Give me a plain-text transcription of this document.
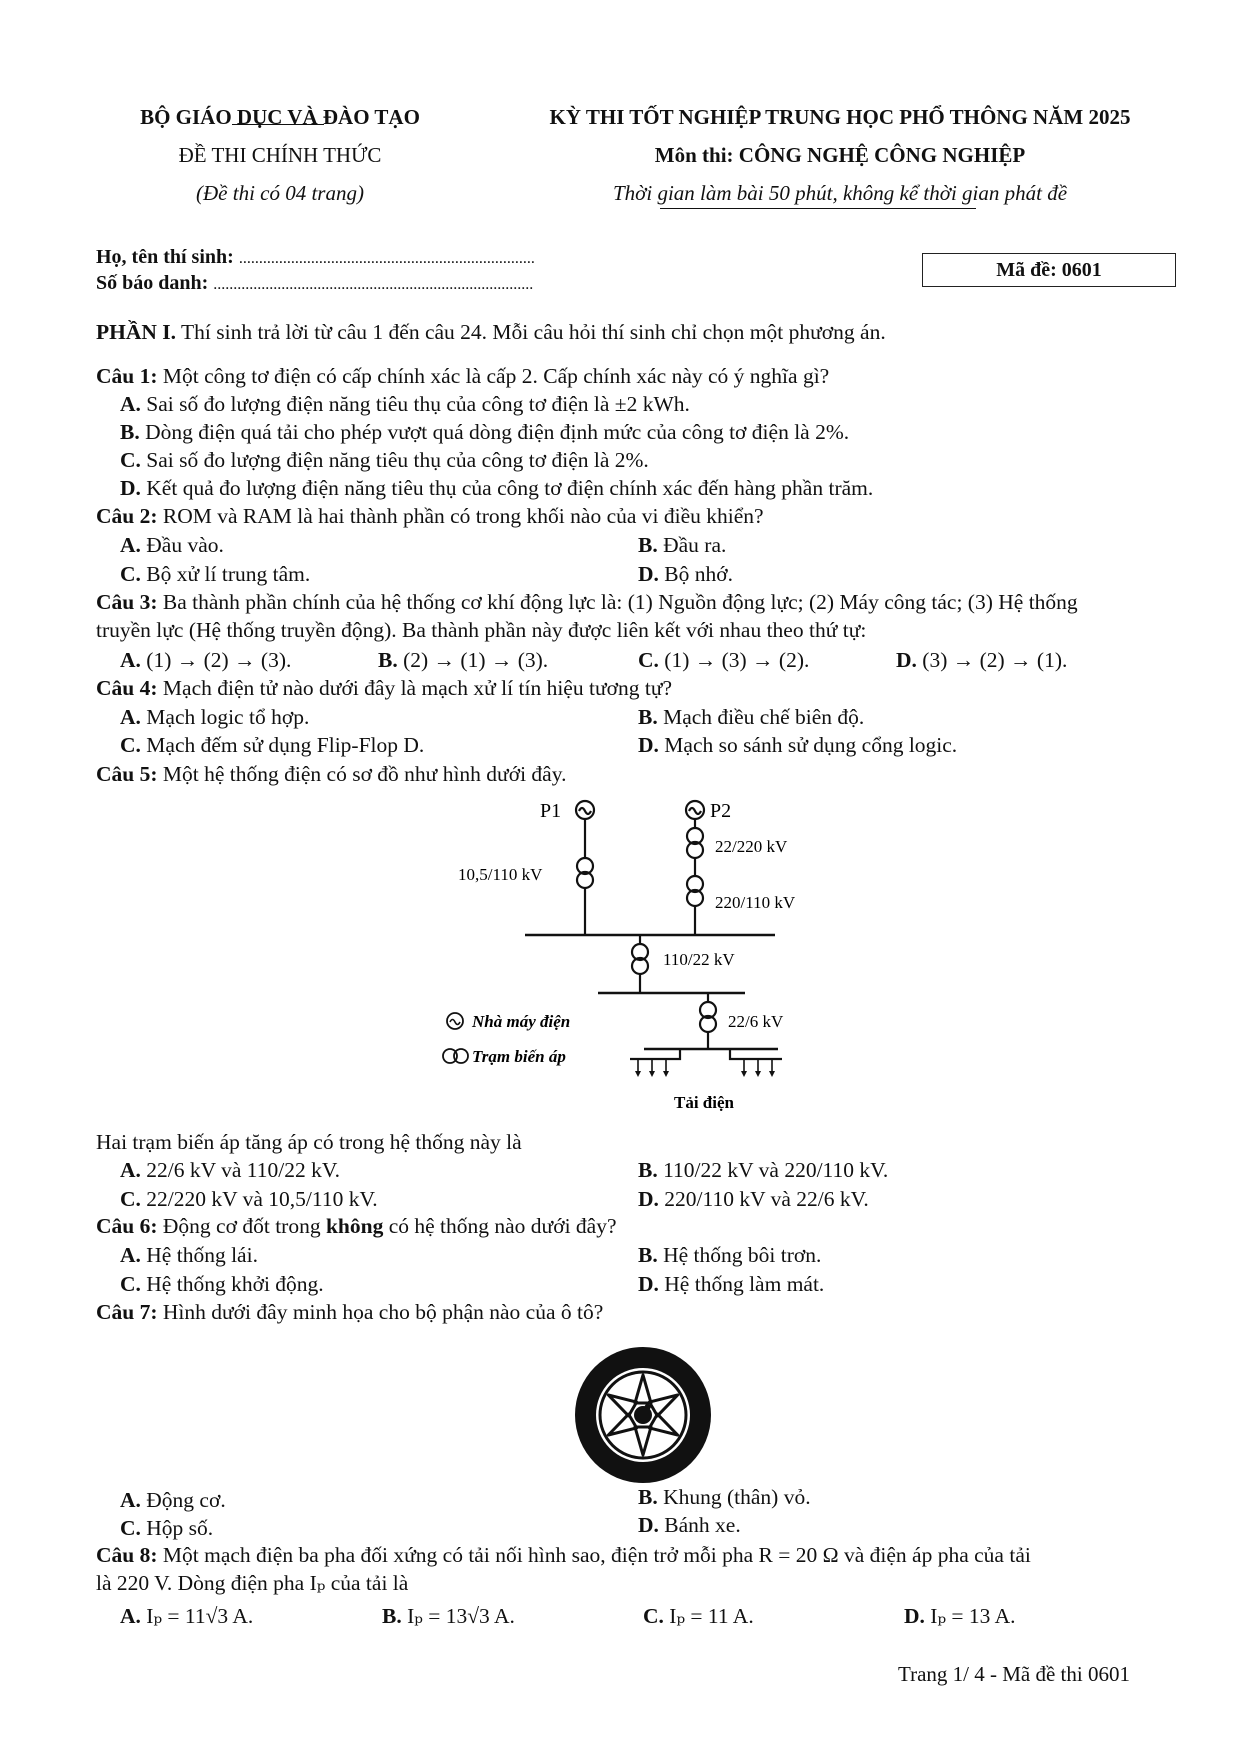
BỘ GIÁO DỤC VÀ ĐÀO TẠO
ĐỀ THI CHÍNH THỨC
(Đề thi có 04 trang)
KỲ THI TỐT NGHIỆP TRUNG HỌC PHỔ THÔNG NĂM 2025
Môn thi: CÔNG NGHỆ CÔNG NGHIỆP
Thời gian làm bài 50 phút, không kể thời gian phát đề
Họ, tên thí sinh: ..........................................................................
Số báo danh: ................................................................................
Mã đề: 0601
PHẦN I. Thí sinh trả lời từ câu 1 đến câu 24. Mỗi câu hỏi thí sinh chỉ chọn một phương án.
Câu 1: Một công tơ điện có cấp chính xác là cấp 2. Cấp chính xác này có ý nghĩa gì?
A. Sai số đo lượng điện năng tiêu thụ của công tơ điện là ±2 kWh.
B. Dòng điện quá tải cho phép vượt quá dòng điện định mức của công tơ điện là 2%.
C. Sai số đo lượng điện năng tiêu thụ của công tơ điện là 2%.
D. Kết quả đo lượng điện năng tiêu thụ của công tơ điện chính xác đến hàng phần trăm.
Câu 2: ROM và RAM là hai thành phần có trong khối nào của vi điều khiển?
A. Đầu vào.	B. Đầu ra.
C. Bộ xử lí trung tâm.	D. Bộ nhớ.
Câu 3: Ba thành phần chính của hệ thống cơ khí động lực là: (1) Nguồn động lực; (2) Máy công tác; (3) Hệ thống
truyền lực (Hệ thống truyền động). Ba thành phần này được liên kết với nhau theo thứ tự:
A. (1) → (2) → (3).	B. (2) → (1) → (3).	C. (1) → (3) → (2).	D. (3) → (2) → (1).
Câu 4: Mạch điện tử nào dưới đây là mạch xử lí tín hiệu tương tự?
A. Mạch logic tổ hợp.	B. Mạch điều chế biên độ.
C. Mạch đếm sử dụng Flip-Flop D.	D. Mạch so sánh sử dụng cổng logic.
Câu 5: Một hệ thống điện có sơ đồ như hình dưới đây.
P1	P2
10,5/110 kV
22/220 kV
220/110 kV
110/22 kV
22/6 kV
Nhà máy điện
Trạm biến áp
Tải điện
Hai trạm biến áp tăng áp có trong hệ thống này là
A. 22/6 kV và 110/22 kV.	B. 110/22 kV và 220/110 kV.
C. 22/220 kV và 10,5/110 kV.	D. 220/110 kV và 22/6 kV.
Câu 6: Động cơ đốt trong không có hệ thống nào dưới đây?
A. Hệ thống lái.	B. Hệ thống bôi trơn.
C. Hệ thống khởi động.	D. Hệ thống làm mát.
Câu 7: Hình dưới đây minh họa cho bộ phận nào của ô tô?
A. Động cơ.	B. Khung (thân) vỏ.
C. Hộp số.	D. Bánh xe.
Câu 8: Một mạch điện ba pha đối xứng có tải nối hình sao, điện trở mỗi pha R = 20 Ω và điện áp pha của tải
là 220 V. Dòng điện pha Iₚ của tải là
A. Iₚ = 11√3 A.	B. Iₚ = 13√3 A.	C. Iₚ = 11 A.	D. Iₚ = 13 A.
Trang 1/ 4 - Mã đề thi 0601
